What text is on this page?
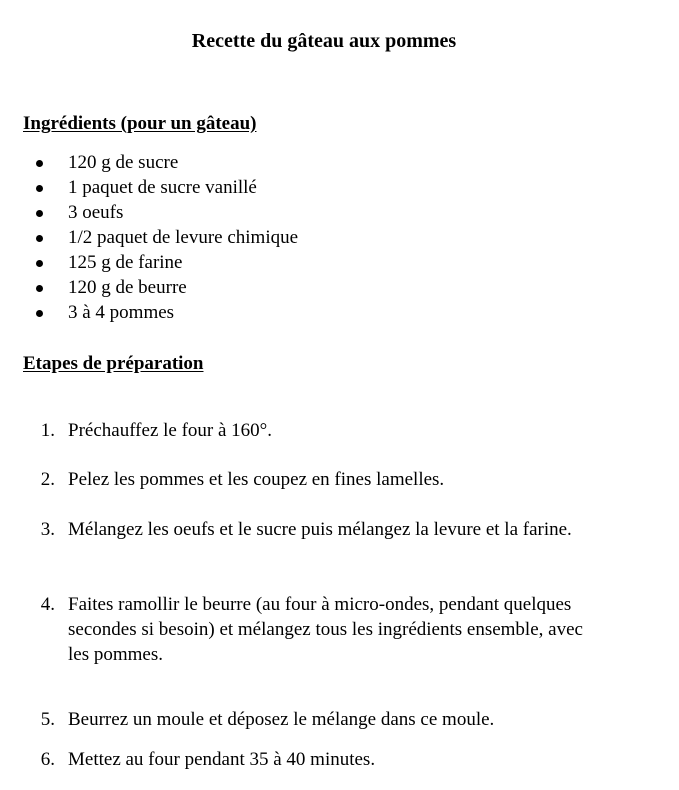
Recette du gâteau aux pommes
Ingrédients (pour un gâteau)
120 g de sucre
1 paquet de sucre vanillé
3 oeufs
1/2 paquet de levure chimique
125 g de farine
120 g de beurre
3 à 4 pommes
Etapes de préparation
1. Préchauffez le four à 160°.
2. Pelez les pommes et les coupez en fines lamelles.
3. Mélangez les oeufs et le sucre puis mélangez la levure et la farine.
4. Faites ramollir le beurre (au four à micro-ondes, pendant quelques secondes si besoin) et mélangez tous les ingrédients ensemble, avec les pommes.
5. Beurrez un moule et déposez le mélange dans ce moule.
6. Mettez au four pendant 35 à 40 minutes.
